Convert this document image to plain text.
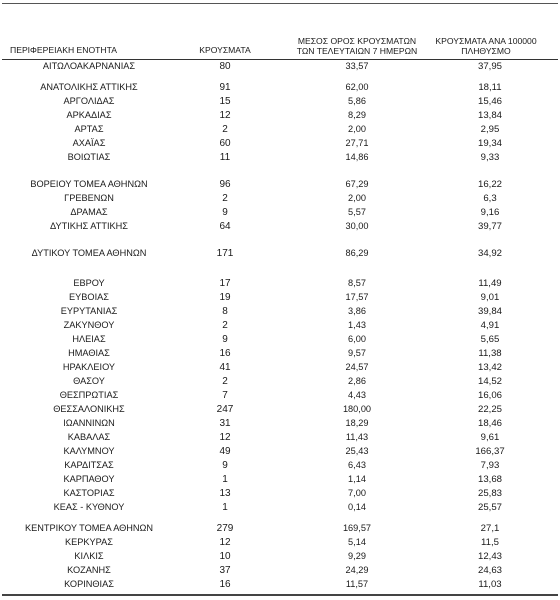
ΠΕΡΙΦΕΡΕΙΑΚΗ ΕΝΟΤΗΤΑ	ΚΡΟΥΣΜΑΤΑ
ΜΕΣΟΣ ΟΡΟΣ ΚΡΟΥΣΜΑΤΩΝ
ΤΩΝ ΤΕΛΕΥΤΑΙΩΝ 7 ΗΜΕΡΩΝ
ΚΡΟΥΣΜΑΤΑ ΑΝΑ 100000
ΠΛΗΘΥΣΜΟ
ΑΙΤΩΛΟΑΚΑΡΝΑΝΙΑΣ	80	33,57	37,95
ΑΝΑΤΟΛΙΚΗΣ ΑΤΤΙΚΗΣ	91	62,00	18,11
ΑΡΓΟΛΙΔΑΣ	15	5,86	15,46
ΑΡΚΑΔΙΑΣ	12	8,29	13,84
ΑΡΤΑΣ	2	2,00	2,95
ΑΧΑΪΑΣ	60	27,71	19,34
ΒΟΙΩΤΙΑΣ	11	14,86	9,33
ΒΟΡΕΙΟΥ ΤΟΜΕΑ ΑΘΗΝΩΝ	96	67,29	16,22
ΓΡΕΒΕΝΩΝ	2	2,00	6,3
ΔΡΑΜΑΣ	9	5,57	9,16
ΔΥΤΙΚΗΣ ΑΤΤΙΚΗΣ	64	30,00	39,77
ΔΥΤΙΚΟΥ ΤΟΜΕΑ ΑΘΗΝΩΝ	171	86,29	34,92
ΕΒΡΟΥ	17	8,57	11,49
ΕΥΒΟΙΑΣ	19	17,57	9,01
ΕΥΡΥΤΑΝΙΑΣ	8	3,86	39,84
ΖΑΚΥΝΘΟΥ	2	1,43	4,91
ΗΛΕΙΑΣ	9	6,00	5,65
ΗΜΑΘΙΑΣ	16	9,57	11,38
ΗΡΑΚΛΕΙΟΥ	41	24,57	13,42
ΘΑΣΟΥ	2	2,86	14,52
ΘΕΣΠΡΩΤΙΑΣ	7	4,43	16,06
ΘΕΣΣΑΛΟΝΙΚΗΣ	247	180,00	22,25
ΙΩΑΝΝΙΝΩΝ	31	18,29	18,46
ΚΑΒΑΛΑΣ	12	11,43	9,61
ΚΑΛΥΜΝΟΥ	49	25,43	166,37
ΚΑΡΔΙΤΣΑΣ	9	6,43	7,93
ΚΑΡΠΑΘΟΥ	1	1,14	13,68
ΚΑΣΤΟΡΙΑΣ	13	7,00	25,83
ΚΕΑΣ - ΚΥΘΝΟΥ	1	0,14	25,57
ΚΕΝΤΡΙΚΟΥ ΤΟΜΕΑ ΑΘΗΝΩΝ	279	169,57	27,1
ΚΕΡΚΥΡΑΣ	12	5,14	11,5
ΚΙΛΚΙΣ	10	9,29	12,43
ΚΟΖΑΝΗΣ	37	24,29	24,63
ΚΟΡΙΝΘΙΑΣ	16	11,57	11,03
